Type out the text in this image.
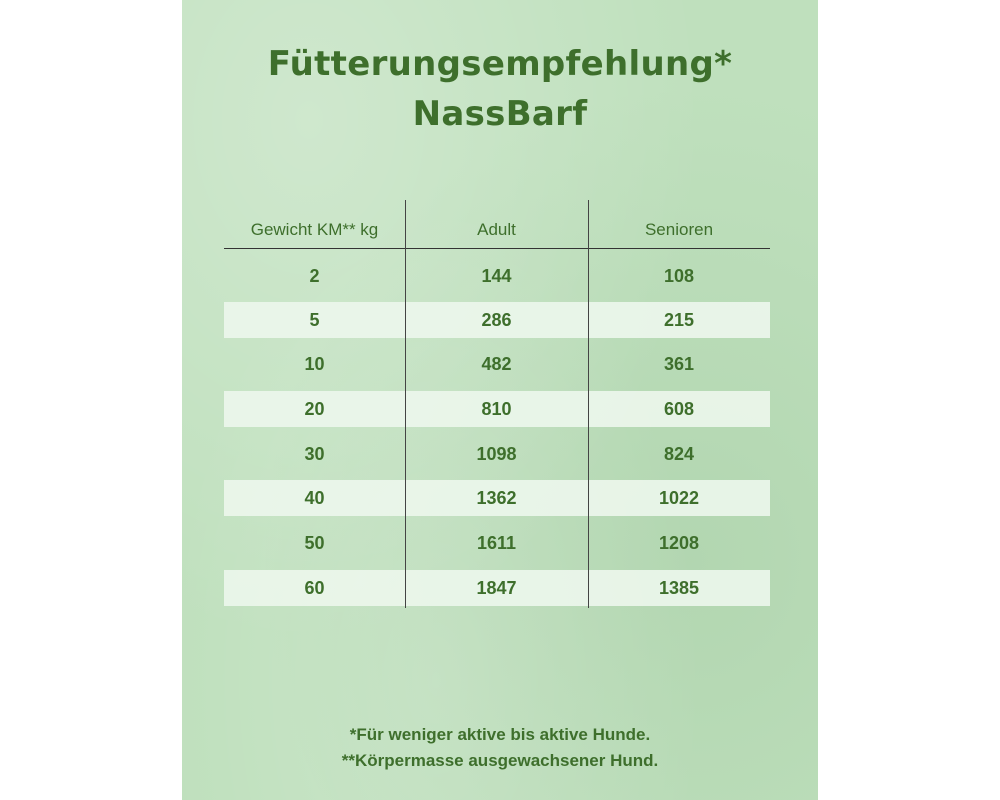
Fütterungsempfehlung*
NassBarf
Gewicht KM** kg	Adult	Senioren
2	144	108
5	286	215
10	482	361
20	810	608
30	1098	824
40	1362	1022
50	1611	1208
60	1847	1385
*Für weniger aktive bis aktive Hunde.
**Körpermasse ausgewachsener Hund.
